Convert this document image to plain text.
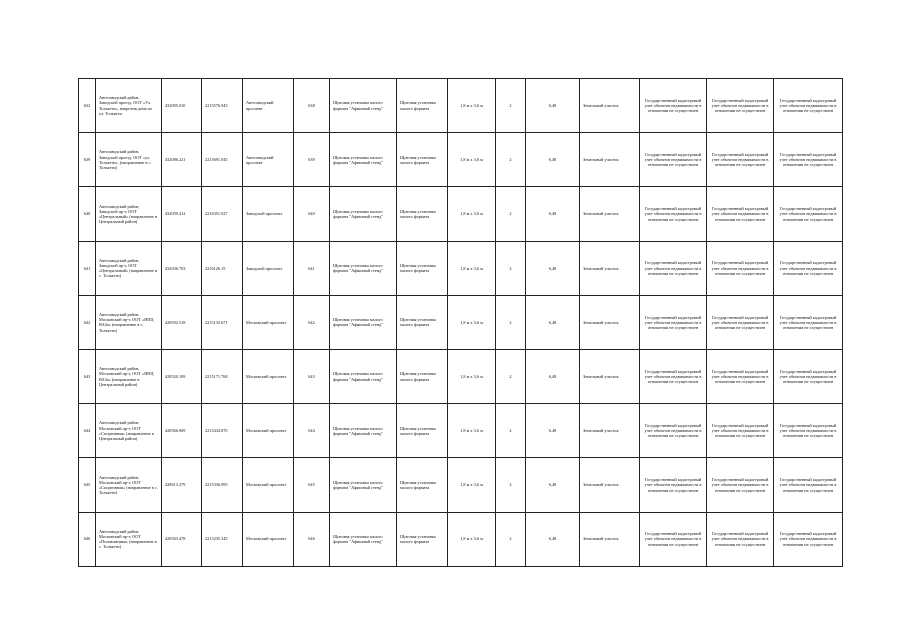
632	Автозаводский район, Заводской проезд, ООТ «Ул. Тольятти», напротив дома по ул. Тольятти	432095.010	2215576.945	Автозаводский проспект	638	Щитовая установка малого формата "Афишный стенд"	Щитовая установка малого формата	1,8 м х 3,6 м	2	6,48	Земельный участок	Государственный кадастровый учет объектов недвижимости в отношении не осуществлен	Государственный кадастровый учет объектов недвижимости в отношении не осуществлен	Государственный кадастровый учет объектов недвижимости в отношении не осуществлен
639	Автозаводский район, Заводской проезд, ООТ «ул. Тольятти», (направление в с. Тольятти)	432086.221	2215691.045	Автозаводский проспект	639	Щитовая установка малого формата "Афишный стенд"	Щитовая установка малого формата	1,8 м х 3,6 м	2	6,48	Земельный участок	Государственный кадастровый учет объектов недвижимости в отношении не осуществлен	Государственный кадастровый учет объектов недвижимости в отношении не осуществлен	Государственный кадастровый учет объектов недвижимости в отношении не осуществлен
640	Автозаводский район, Заводской пр-т, ООТ «Центральный» (направление в Центральный район)	432059.412	2216351.027	Заводской проспект	640	Щитовая установка малого формата "Афишный стенд"	Щитовая установка малого формата	1,8 м х 3,6 м	2	6,48	Земельный участок	Государственный кадастровый учет объектов недвижимости в отношении не осуществлен	Государственный кадастровый учет объектов недвижимости в отношении не осуществлен	Государственный кадастровый учет объектов недвижимости в отношении не осуществлен
641	Автозаводский район, Заводской пр-т, ООТ «Центральный» (направление в с. Тольятти)	432036.703	2216126.15	Заводской проспект	641	Щитовая установка малого формата "Афишный стенд"	Щитовая установка малого формата	1,8 м х 3,6 м	2	6,48	Земельный участок	Государственный кадастровый учет объектов недвижимости в отношении не осуществлен	Государственный кадастровый учет объектов недвижимости в отношении не осуществлен	Государственный кадастровый учет объектов недвижимости в отношении не осуществлен
642	Автозаводский район, Московский пр-т, ООТ «НПЦ ВАЗа» (направление в с. Тольятти)	428592.518	2215133.671	Московский проспект	642	Щитовая установка малого формата "Афишный стенд"	Щитовая установка малого формата	1,8 м х 3,6 м	2	6,48	Земельный участок	Государственный кадастровый учет объектов недвижимости в отношении не осуществлен	Государственный кадастровый учет объектов недвижимости в отношении не осуществлен	Государственный кадастровый учет объектов недвижимости в отношении не осуществлен
643	Автозаводский район, Московский пр-т, ООТ «НПЦ ВАЗа» (направление в Центральный район)	428520.109	2215171.768	Московский проспект	643	Щитовая установка малого формата "Афишный стенд"	Щитовая установка малого формата	1,8 м х 3,6 м	2	6,48	Земельный участок	Государственный кадастровый учет объектов недвижимости в отношении не осуществлен	Государственный кадастровый учет объектов недвижимости в отношении не осуществлен	Государственный кадастровый учет объектов недвижимости в отношении не осуществлен
644	Автозаводский район, Московский пр-т, ООТ «Спортивная» (направление в Центральный район)	428566.069	2215434.870	Московский проспект	644	Щитовая установка малого формата "Афишный стенд"	Щитовая установка малого формата	1,8 м х 3,6 м	2	6,48	Земельный участок	Государственный кадастровый учет объектов недвижимости в отношении не осуществлен	Государственный кадастровый учет объектов недвижимости в отношении не осуществлен	Государственный кадастровый учет объектов недвижимости в отношении не осуществлен
645	Автозаводский район, Московский пр-т, ООТ «Спортивная» (направление в с. Тольятти)	428613.279	2215336.095	Московский проспект	645	Щитовая установка малого формата "Афишный стенд"	Щитовая установка малого формата	1,8 м х 3,6 м	2	6,48	Земельный участок	Государственный кадастровый учет объектов недвижимости в отношении не осуществлен	Государственный кадастровый учет объектов недвижимости в отношении не осуществлен	Государственный кадастровый учет объектов недвижимости в отношении не осуществлен
646	Автозаводский район, Московский пр-т, ООТ «Поликлиника» (направление в с. Тольятти)	428563.478	2215235.345	Московский проспект	646	Щитовая установка малого формата "Афишный стенд"	Щитовая установка малого формата	1,8 м х 3,6 м	2	6,48	Земельный участок	Государственный кадастровый учет объектов недвижимости в отношении не осуществлен	Государственный кадастровый учет объектов недвижимости в отношении не осуществлен	Государственный кадастровый учет объектов недвижимости в отношении не осуществлен
